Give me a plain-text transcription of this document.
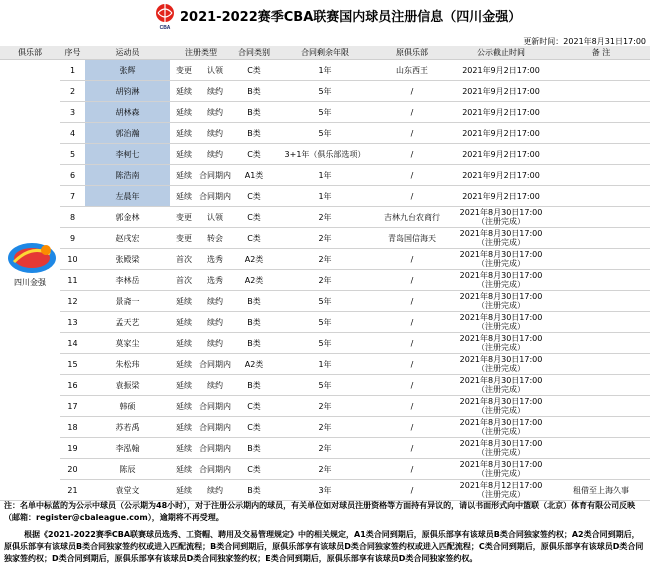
CBA
2021-2022赛季CBA联赛国内球员注册信息（四川金强）
更新时间：2021年8月31日17:00
俱乐部	序号	运动员	注册类型		合同类别	合同剩余年限	原俱乐部	公示截止时间	备 注

四川金强	1	张辉	变更	认领	C类	1年	山东西王	2021年9月2日17:00	

	2	胡钧淋	延续	续约	B类	5年	/	2021年9月2日17:00	

	3	胡林森	延续	续约	B类	5年	/	2021年9月2日17:00	

	4	郭治瀚	延续	续约	B类	5年	/	2021年9月2日17:00	

	5	李柯七	延续	续约	C类	3+1年（俱乐部选项）	/	2021年9月2日17:00	

	6	陈浩南	延续	合同期内	A1类	1年	/	2021年9月2日17:00	

	7	左晨年	延续	合同期内	C类	1年	/	2021年9月2日17:00	

	8	郭金林	变更	认领	C类	2年	吉林九台农商行	2021年8月30日17:00
（注册完成）	

	9	赵戌宏	变更	转会	C类	2年	青岛国信海天	2021年8月30日17:00
（注册完成）	

	10	张殿梁	首次	选秀	A2类	2年	/	2021年8月30日17:00
（注册完成）	

	11	李林岳	首次	选秀	A2类	2年	/	2021年8月30日17:00
（注册完成）	

	12	景斋一	延续	续约	B类	5年	/	2021年8月30日17:00
（注册完成）	

	13	孟天艺	延续	续约	B类	5年	/	2021年8月30日17:00
（注册完成）	

	14	莫家尘	延续	续约	B类	5年	/	2021年8月30日17:00
（注册完成）	

	15	朱松玮	延续	合同期内	A2类	1年	/	2021年8月30日17:00
（注册完成）	

	16	袁振梁	延续	续约	B类	5年	/	2021年8月30日17:00
（注册完成）	

	17	韩硕	延续	合同期内	C类	2年	/	2021年8月30日17:00
（注册完成）	

	18	苏若禹	延续	合同期内	C类	2年	/	2021年8月30日17:00
（注册完成）	

	19	李泓翰	延续	合同期内	B类	2年	/	2021年8月30日17:00
（注册完成）	

	20	陈辰	延续	合同期内	C类	2年	/	2021年8月30日17:00
（注册完成）	

	21	袁堂文	延续	续约	B类	3年	/	2021年8月12日17:00
（注册完成）	租借至上海久事

注：名单中标蓝的为公示中球员（公示期为48小时），对于注册公示期内的球员，有关单位如对球员注册资格等方面持有异议的，请以书面形式向中篮联（北京）体育有限公司反映（邮箱：register@cbaleague.com），逾期将不再受理。

根据《2021-2022赛季CBA联赛球员选秀、工资帽、聘用及交易管理规定》中的相关规定，A1类合同到期后，原俱乐部享有该球员B类合同独家签约权；A2类合同到期后，原俱乐部享有该球员B类合同独家签约权或进入匹配流程；B类合同到期后，原俱乐部享有该球员D类合同独家签约权或进入匹配流程；C类合同到期后，原俱乐部享有该球员D类合同独家签约权；D类合同到期后，原俱乐部享有该球员D类合同独家签约权；E类合同到期后，原俱乐部享有该球员D类合同独家签约权。
